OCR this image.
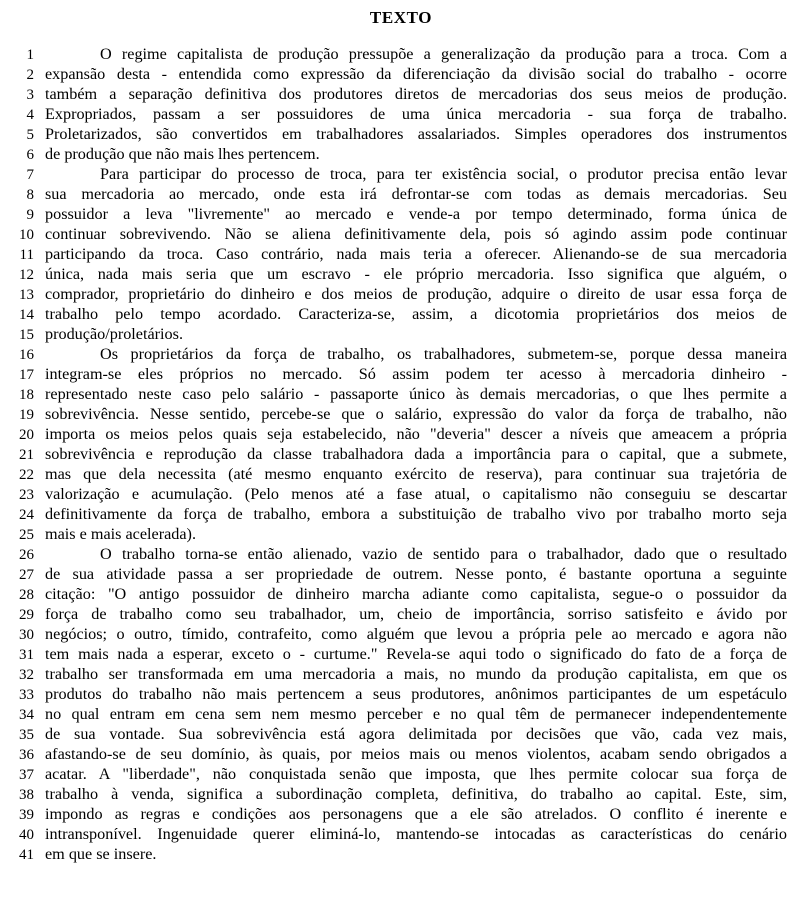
TEXTO
1	O regime capitalista de produção pressupõe a generalização da produção para a troca. Com a
2 expansão desta - entendida como expressão da diferenciação da divisão social do trabalho - ocorre
3 também a separação definitiva dos produtores diretos de mercadorias dos seus meios de produção.
4 Expropriados, passam a ser possuidores de uma única mercadoria - sua força de trabalho.
5 Proletarizados, são convertidos em trabalhadores assalariados. Simples operadores dos instrumentos
6 de produção que não mais lhes pertencem.
7	Para participar do processo de troca, para ter existência social, o produtor precisa então levar
8 sua mercadoria ao mercado, onde esta irá defrontar-se com todas as demais mercadorias. Seu
9 possuidor a leva "livremente" ao mercado e vende-a por tempo determinado, forma única de
10 continuar sobrevivendo. Não se aliena definitivamente dela, pois só agindo assim pode continuar
11 participando da troca. Caso contrário, nada mais teria a oferecer. Alienando-se de sua mercadoria
12 única, nada mais seria que um escravo - ele próprio mercadoria. Isso significa que alguém, o
13 comprador, proprietário do dinheiro e dos meios de produção, adquire o direito de usar essa força de
14 trabalho pelo tempo acordado. Caracteriza-se, assim, a dicotomia proprietários dos meios de
15 produção/proletários.
16	Os proprietários da força de trabalho, os trabalhadores, submetem-se, porque dessa maneira
17 integram-se eles próprios no mercado. Só assim podem ter acesso à mercadoria dinheiro -
18 representado neste caso pelo salário - passaporte único às demais mercadorias, o que lhes permite a
19 sobrevivência. Nesse sentido, percebe-se que o salário, expressão do valor da força de trabalho, não
20 importa os meios pelos quais seja estabelecido, não "deveria" descer a níveis que ameacem a própria
21 sobrevivência e reprodução da classe trabalhadora dada a importância para o capital, que a submete,
22 mas que dela necessita (até mesmo enquanto exército de reserva), para continuar sua trajetória de
23 valorização e acumulação. (Pelo menos até a fase atual, o capitalismo não conseguiu se descartar
24 definitivamente da força de trabalho, embora a substituição de trabalho vivo por trabalho morto seja
25 mais e mais acelerada).
26	O trabalho torna-se então alienado, vazio de sentido para o trabalhador, dado que o resultado
27 de sua atividade passa a ser propriedade de outrem. Nesse ponto, é bastante oportuna a seguinte
28 citação: "O antigo possuidor de dinheiro marcha adiante como capitalista, segue-o o possuidor da
29 força de trabalho como seu trabalhador, um, cheio de importância, sorriso satisfeito e ávido por
30 negócios; o outro, tímido, contrafeito, como alguém que levou a própria pele ao mercado e agora não
31 tem mais nada a esperar, exceto o - curtume." Revela-se aqui todo o significado do fato de a força de
32 trabalho ser transformada em uma mercadoria a mais, no mundo da produção capitalista, em que os
33 produtos do trabalho não mais pertencem a seus produtores, anônimos participantes de um espetáculo
34 no qual entram em cena sem nem mesmo perceber e no qual têm de permanecer independentemente
35 de sua vontade. Sua sobrevivência está agora delimitada por decisões que vão, cada vez mais,
36 afastando-se de seu domínio, às quais, por meios mais ou menos violentos, acabam sendo obrigados a
37 acatar. A "liberdade", não conquistada senão que imposta, que lhes permite colocar sua força de
38 trabalho à venda, significa a subordinação completa, definitiva, do trabalho ao capital. Este, sim,
39 impondo as regras e condições aos personagens que a ele são atrelados. O conflito é inerente e
40 intransponível. Ingenuidade querer eliminá-lo, mantendo-se intocadas as características do cenário
41 em que se insere.
